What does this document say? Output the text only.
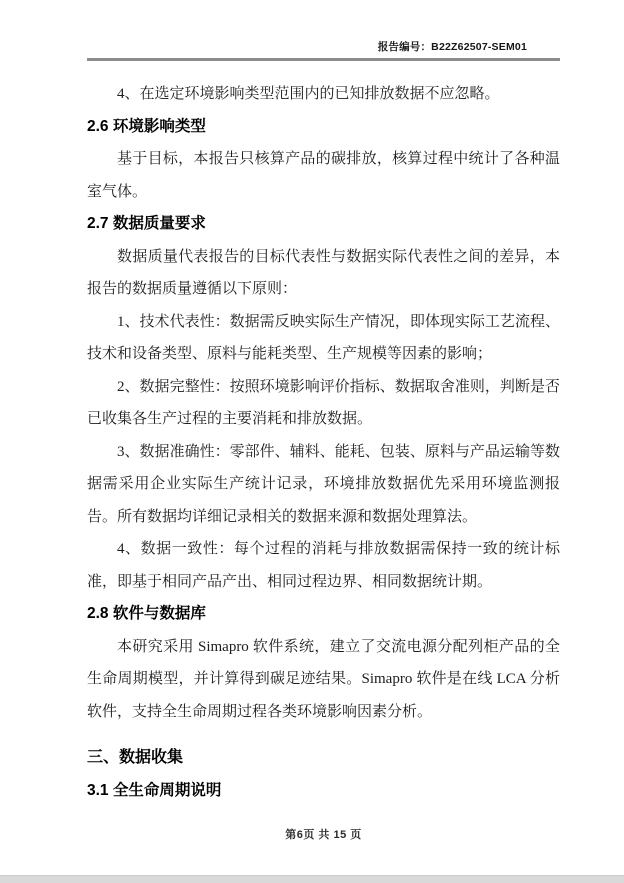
报告编号：B22Z62507-SEM01

4、在选定环境影响类型范围内的已知排放数据不应忽略。

2.6 环境影响类型

基于目标，本报告只核算产品的碳排放，核算过程中统计了各种温室气体。

2.7 数据质量要求

数据质量代表报告的目标代表性与数据实际代表性之间的差异，本报告的数据质量遵循以下原则：

1、技术代表性：数据需反映实际生产情况，即体现实际工艺流程、技术和设备类型、原料与能耗类型、生产规模等因素的影响；

2、数据完整性：按照环境影响评价指标、数据取舍准则，判断是否已收集各生产过程的主要消耗和排放数据。

3、数据准确性：零部件、辅料、能耗、包装、原料与产品运输等数据需采用企业实际生产统计记录，环境排放数据优先采用环境监测报告。所有数据均详细记录相关的数据来源和数据处理算法。

4、数据一致性：每个过程的消耗与排放数据需保持一致的统计标准，即基于相同产品产出、相同过程边界、相同数据统计期。

2.8 软件与数据库

本研究采用 Simapro 软件系统，建立了交流电源分配列柜产品的全生命周期模型，并计算得到碳足迹结果。Simapro 软件是在线 LCA 分析软件，支持全生命周期过程各类环境影响因素分析。

三、数据收集
3.1 全生命周期说明
第6页 共 15 页
